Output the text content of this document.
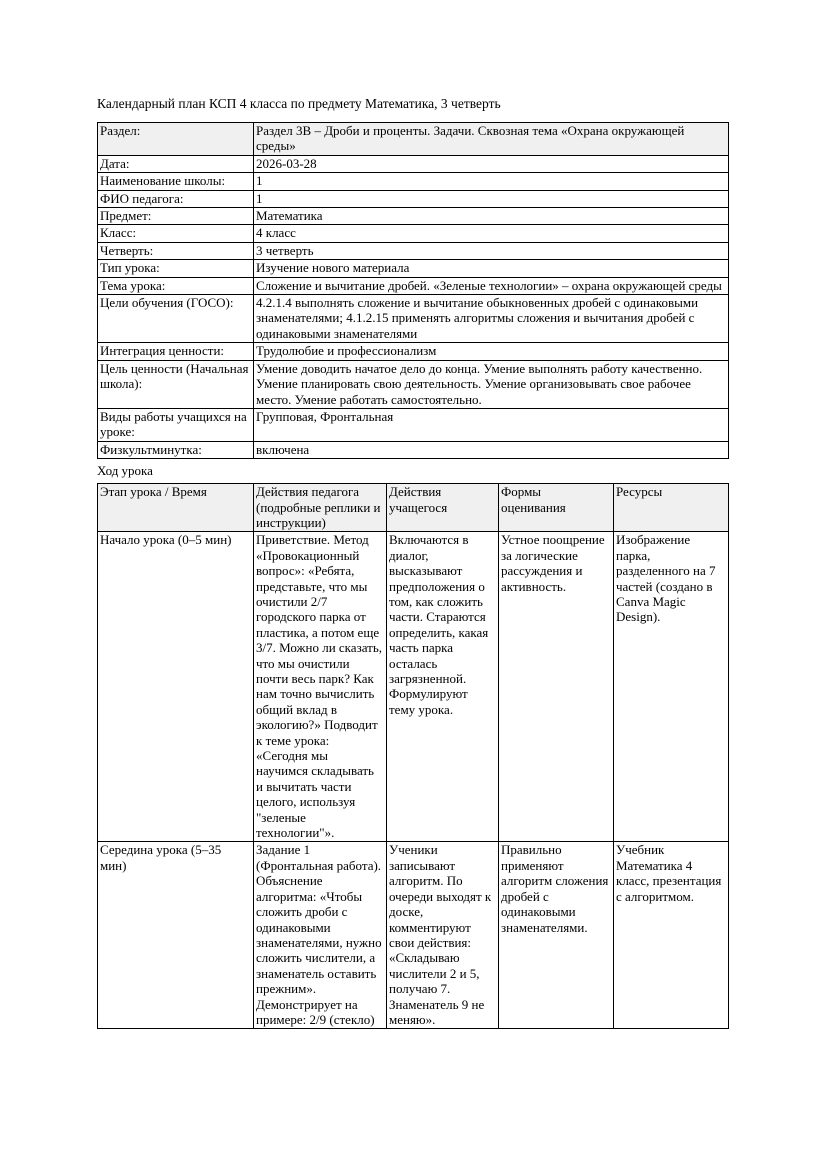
Календарный план КСП 4 класса по предмету Математика, 3 четверть

Раздел:	Раздел 3В – Дроби и проценты. Задачи. Сквозная тема «Охрана окружающей среды»
Дата:	2026-03-28
Наименование школы:	1
ФИО педагога:	1
Предмет:	Математика
Класс:	4 класс
Четверть:	3 четверть
Тип урока:	Изучение нового материала
Тема урока:	Сложение и вычитание дробей. «Зеленые технологии» – охрана окружающей среды
Цели обучения (ГОСО):	4.2.1.4 выполнять сложение и вычитание обыкновенных дробей с одинаковыми знаменателями; 4.1.2.15 применять алгоритмы сложения и вычитания дробей с одинаковыми знаменателями
Интеграция ценности:	Трудолюбие и профессионализм
Цель ценности (Начальная школа):	Умение доводить начатое дело до конца. Умение выполнять работу качественно. Умение планировать свою деятельность. Умение организовывать свое рабочее место. Умение работать самостоятельно.
Виды работы учащихся на уроке:	Групповая, Фронтальная
Физкультминутка:	включена

Ход урока

Этап урока / Время	Действия педагога (подробные реплики и инструкции)	Действия учащегося	Формы оценивания	Ресурсы
Начало урока (0–5 мин)	Приветствие. Метод «Провокационный вопрос»: «Ребята, представьте, что мы очистили 2/7 городского парка от пластика, а потом еще 3/7. Можно ли сказать, что мы очистили почти весь парк? Как нам точно вычислить общий вклад в экологию?» Подводит к теме урока: «Сегодня мы научимся складывать и вычитать части целого, используя "зеленые технологии"».	Включаются в диалог, высказывают предположения о том, как сложить части. Стараются определить, какая часть парка осталась загрязненной. Формулируют тему урока.	Устное поощрение за логические рассуждения и активность.	Изображение парка, разделенного на 7 частей (создано в Canva Magic Design).
Середина урока (5–35 мин)	Задание 1 (Фронтальная работа). Объяснение алгоритма: «Чтобы сложить дроби с одинаковыми знаменателями, нужно сложить числители, а знаменатель оставить прежним». Демонстрирует на примере: 2/9 (стекло)	Ученики записывают алгоритм. По очереди выходят к доске, комментируют свои действия: «Складываю числители 2 и 5, получаю 7. Знаменатель 9 не меняю».	Правильно применяют алгоритм сложения дробей с одинаковыми знаменателями.	Учебник Математика 4 класс, презентация с алгоритмом.
